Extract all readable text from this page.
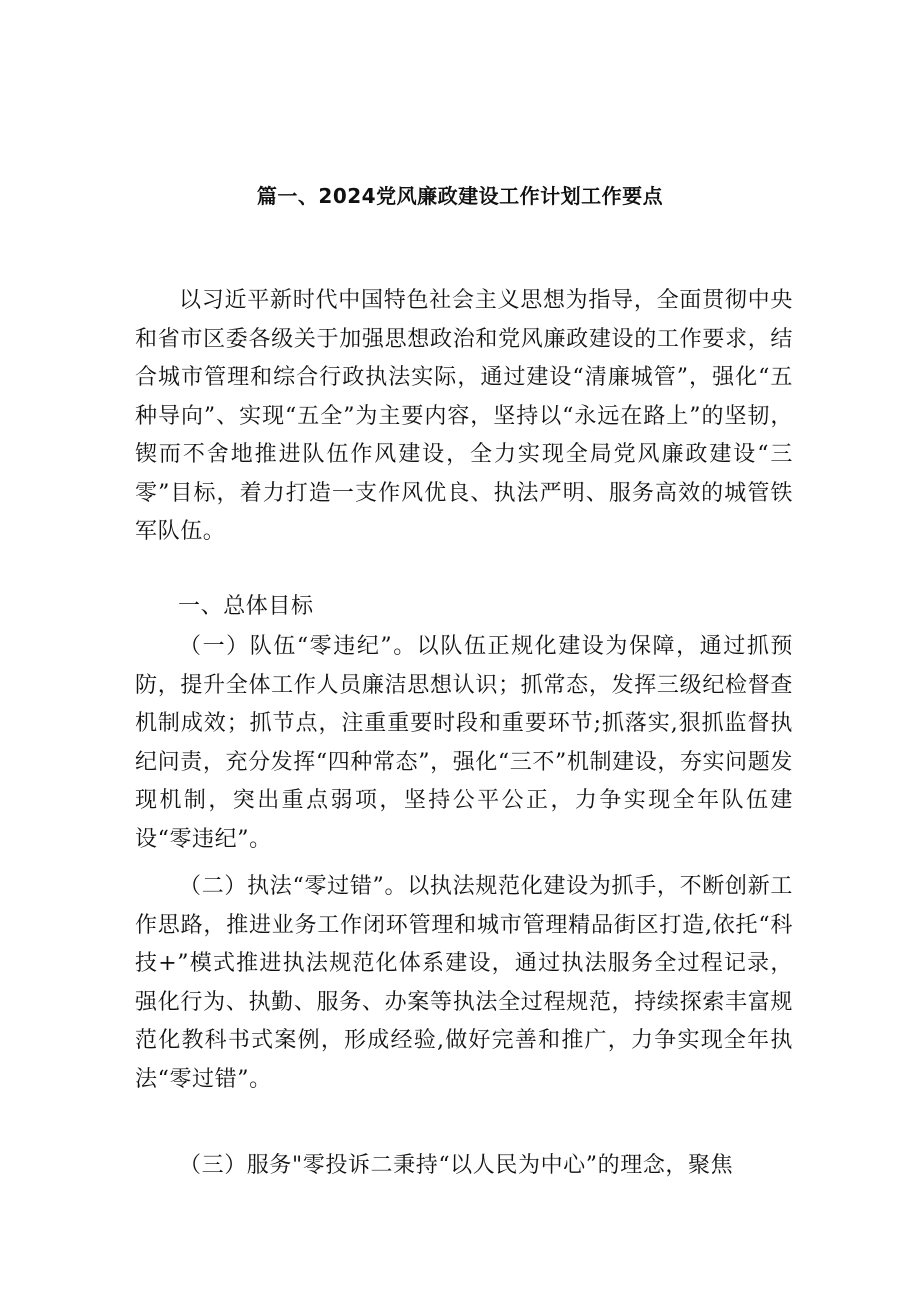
篇一、2024党风廉政建设工作计划工作要点

以习近平新时代中国特色社会主义思想为指导，全面贯彻中央和省市区委各级关于加强思想政治和党风廉政建设的工作要求，结合城市管理和综合行政执法实际，通过建设“清廉城管”，强化“五种导向”、实现“五全”为主要内容，坚持以“永远在路上”的坚韧，锲而不舍地推进队伍作风建设，全力实现全局党风廉政建设“三零”目标，着力打造一支作风优良、执法严明、服务高效的城管铁军队伍。

一、总体目标

（一）队伍“零违纪”。以队伍正规化建设为保障，通过抓预防，提升全体工作人员廉洁思想认识；抓常态，发挥三级纪检督查机制成效；抓节点，注重重要时段和重要环节;抓落实,狠抓监督执纪问责，充分发挥“四种常态”，强化“三不”机制建设，夯实问题发现机制，突出重点弱项，坚持公平公正，力争实现全年队伍建设“零违纪”。

（二）执法“零过错”。以执法规范化建设为抓手，不断创新工作思路，推进业务工作闭环管理和城市管理精品街区打造,依托“科技+”模式推进执法规范化体系建设，通过执法服务全过程记录，强化行为、执勤、服务、办案等执法全过程规范，持续探索丰富规范化教科书式案例，形成经验,做好完善和推广，力争实现全年执法“零过错”。

（三）服务"零投诉二秉持“以人民为中心”的理念，聚焦
